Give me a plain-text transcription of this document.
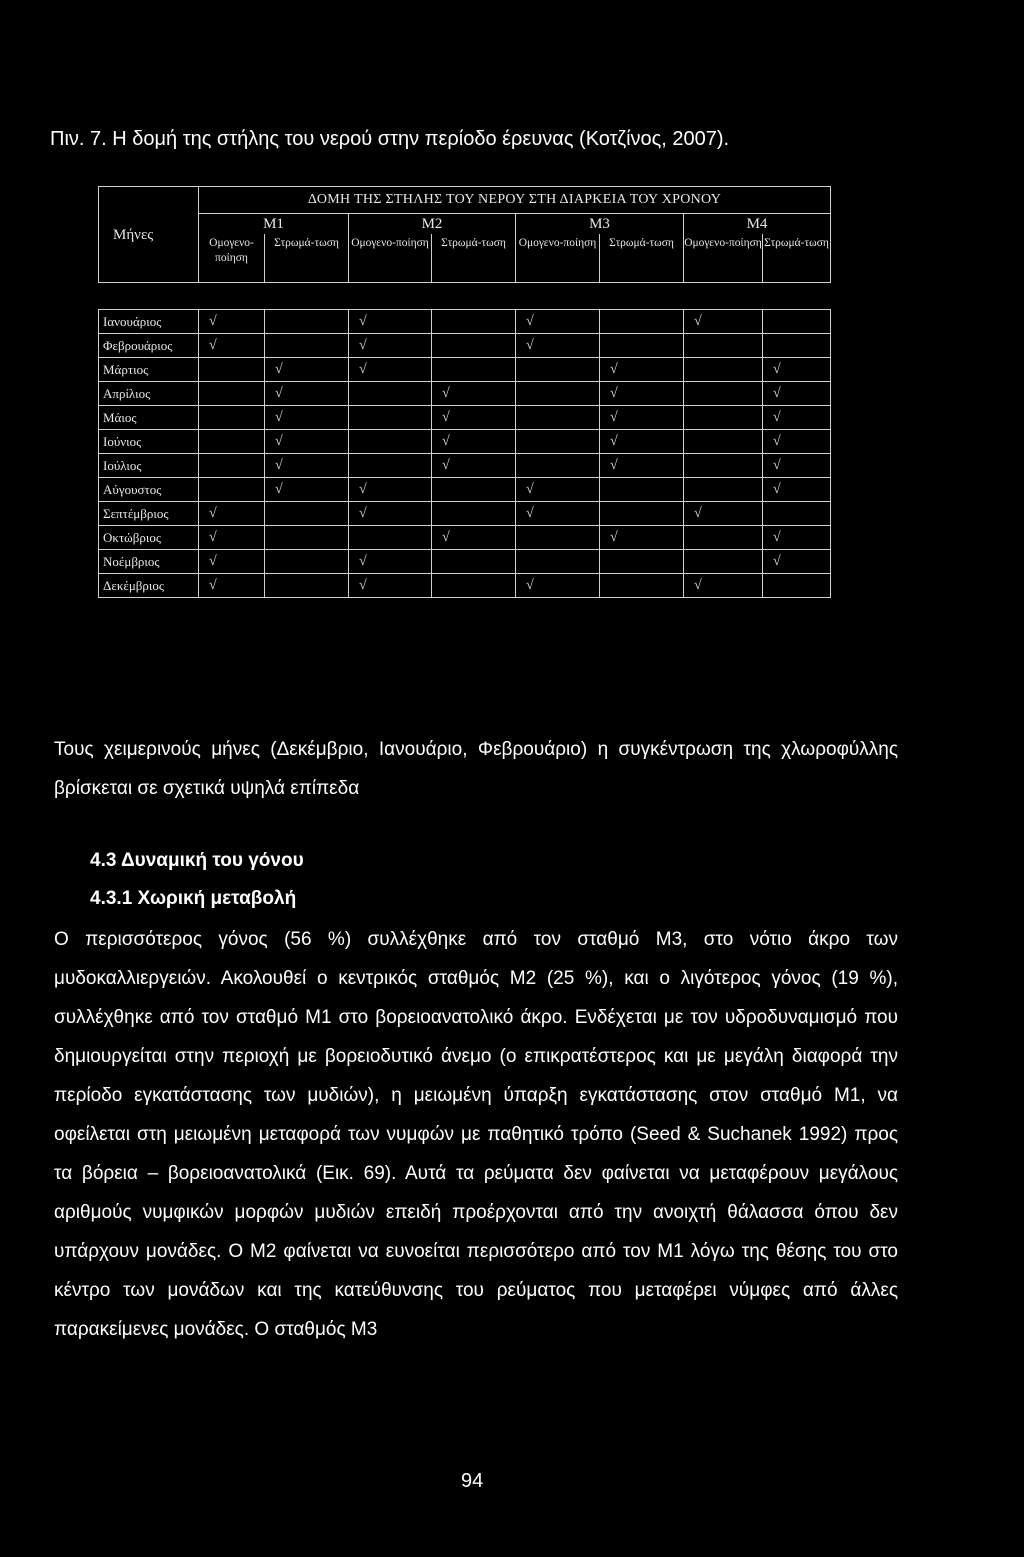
Πιν. 7. Η δομή της στήλης του νερού στην περίοδο έρευνας (Κοτζίνος, 2007).
Μήνες	ΔΟΜΗ ΤΗΣ ΣΤΗΛΗΣ ΤΟΥ ΝΕΡΟΥ ΣΤΗ ΔΙΑΡΚΕΙΑ ΤΟΥ ΧΡΟΝΟΥ							
	Μ1		Μ2		Μ3		Μ4	
	Ομογενο-ποίηση	Στρωμά-τωση	Ομογενο-ποίηση	Στρωμά-τωση	Ομογενο-ποίηση	Στρωμά-τωση	Ομογενο-ποίηση	Στρωμά-τωση

Ιανουάριος	√		√		√		√	
Φεβρουάριος	√		√		√			
Μάρτιος		√	√			√		√
Απρίλιος		√		√		√		√
Μάιος		√		√		√		√
Ιούνιος		√		√		√		√
Ιούλιος		√		√		√		√
Αύγουστος		√	√		√			√
Σεπτέμβριος	√		√		√		√	
Οκτώβριος	√			√		√		√
Νοέμβριος	√		√					√
Δεκέμβριος	√		√		√		√	

Τους χειμερινούς μήνες (Δεκέμβριο, Ιανουάριο, Φεβρουάριο) η συγκέντρωση της χλωροφύλλης βρίσκεται σε σχετικά υψηλά επίπεδα

4.3 Δυναμική του γόνου
4.3.1 Χωρική μεταβολή

Ο περισσότερος γόνος (56 %) συλλέχθηκε από τον σταθμό Μ3, στο νότιο άκρο των μυδοκαλλιεργειών. Ακολουθεί ο κεντρικός σταθμός Μ2 (25 %), και ο λιγότερος γόνος (19 %), συλλέχθηκε από τον σταθμό Μ1 στο βορειοανατολικό άκρο. Ενδέχεται με τον υδροδυναμισμό που δημιουργείται στην περιοχή με βορειοδυτικό άνεμο (ο επικρατέστερος και με μεγάλη διαφορά την περίοδο εγκατάστασης των μυδιών), η μειωμένη ύπαρξη εγκατάστασης στον σταθμό Μ1, να οφείλεται στη μειωμένη μεταφορά των νυμφών με παθητικό τρόπο (Seed & Suchanek 1992) προς τα βόρεια – βορειοανατολικά (Εικ. 69). Αυτά τα ρεύματα δεν φαίνεται να μεταφέρουν μεγάλους αριθμούς νυμφικών μορφών μυδιών επειδή προέρχονται από την ανοιχτή θάλασσα όπου δεν υπάρχουν μονάδες. Ο Μ2 φαίνεται να ευνοείται περισσότερο από τον Μ1 λόγω της θέσης του στο κέντρο των μονάδων και της κατεύθυνσης του ρεύματος που μεταφέρει νύμφες από άλλες παρακείμενες μονάδες. Ο σταθμός Μ3

94
